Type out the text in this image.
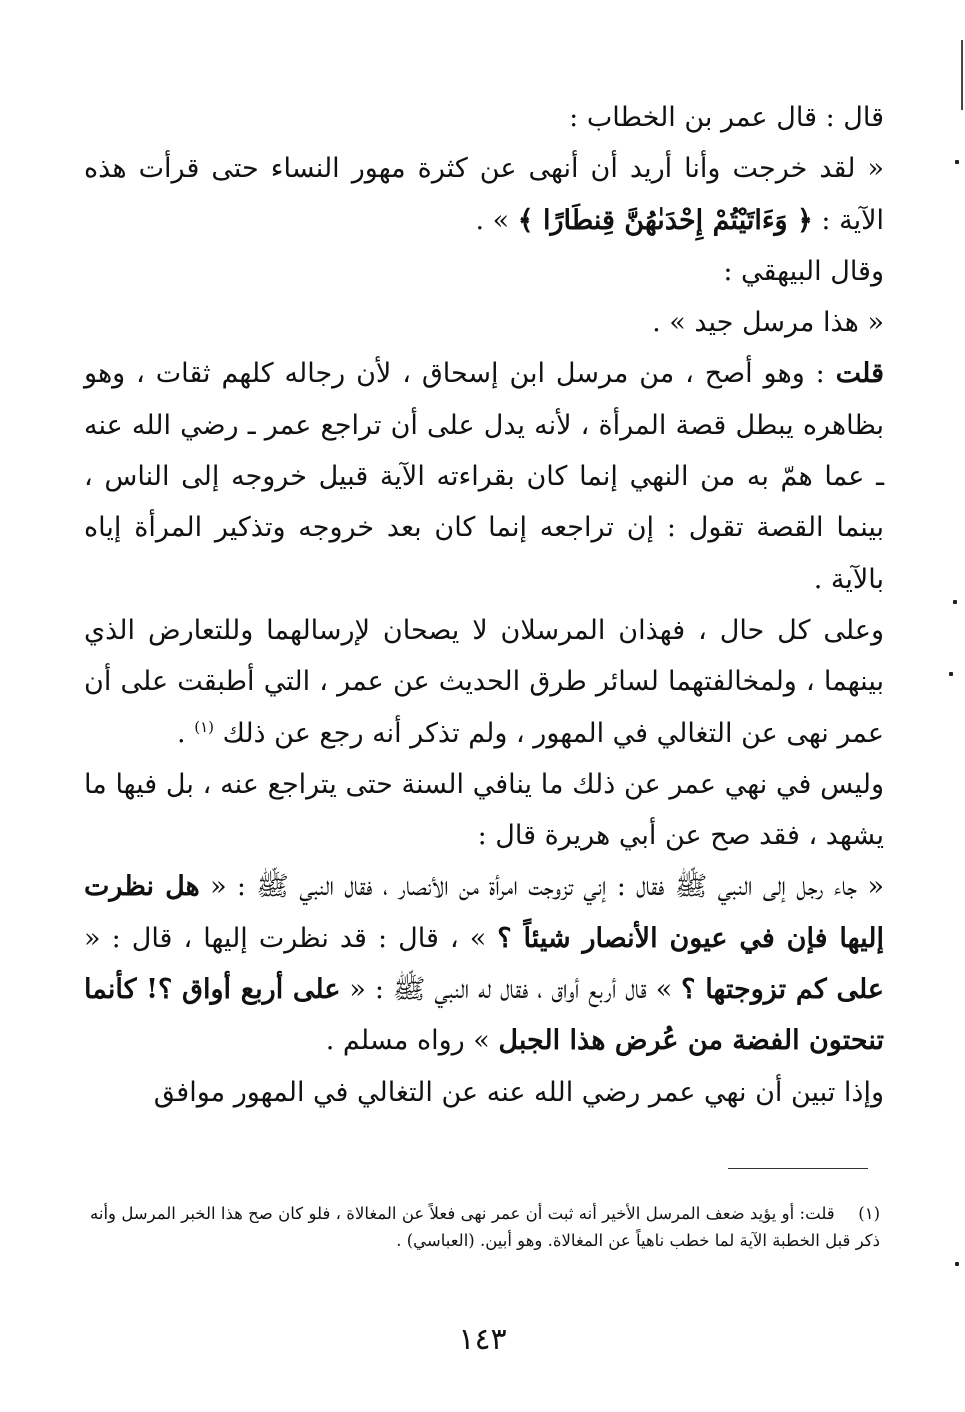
قال : قال عمر بن الخطاب :
« لقد خرجت وأنا أريد أن أنهى عن كثرة مهور النساء حتى قرأت هذه الآية : ﴿ وَءَاتَيْتُمْ إِحْدَىٰهُنَّ قِنطَارًا ﴾ » .
وقال البيهقي :
« هذا مرسل جيد » .

قلت : وهو أصح ، من مرسل ابن إسحاق ، لأن رجاله كلهم ثقات ، وهو بظاهره يبطل قصة المرأة ، لأنه يدل على أن تراجع عمر ـ رضي الله عنه ـ عما همّ به من النهي إنما كان بقراءته الآية قبيل خروجه إلى الناس ، بينما القصة تقول : إن تراجعه إنما كان بعد خروجه وتذكير المرأة إياه بالآية .

وعلى كل حال ، فهذان المرسلان لا يصحان لإرسالهما وللتعارض الذي بينهما ، ولمخالفتهما لسائر طرق الحديث عن عمر ، التي أطبقت على أن عمر نهى عن التغالي في المهور ، ولم تذكر أنه رجع عن ذلك $^{(١)}$ .

وليس في نهي عمر عن ذلك ما ينافي السنة حتى يتراجع عنه ، بل فيها ما يشهد ، فقد صح عن أبي هريرة قال :

« جاء رجل إلى النبي ﷺ فقال : إني تزوجت امرأة من الأنصار ، فقال النبي ﷺ : « هل نظرت إليها فإن في عيون الأنصار شيئاً ؟ » ، قال : قد نظرت إليها ، قال : « على كم تزوجتها ؟ » قال أربع أواق ، فقال له النبي ﷺ : « على أربع أواق ؟! كأنما تنحتون الفضة من عُرض هذا الجبل » رواه مسلم .

وإذا تبين أن نهي عمر رضي الله عنه عن التغالي في المهور موافق

(١) قلت: أو يؤيد ضعف المرسل الأخير أنه ثبت أن عمر نهى فعلاً عن المغالاة ، فلو كان صح هذا الخبر المرسل وأنه ذكر قبل الخطبة الآية لما خطب ناهياً عن المغالاة. وهو أبين. (العباسي) .
١٤٣
